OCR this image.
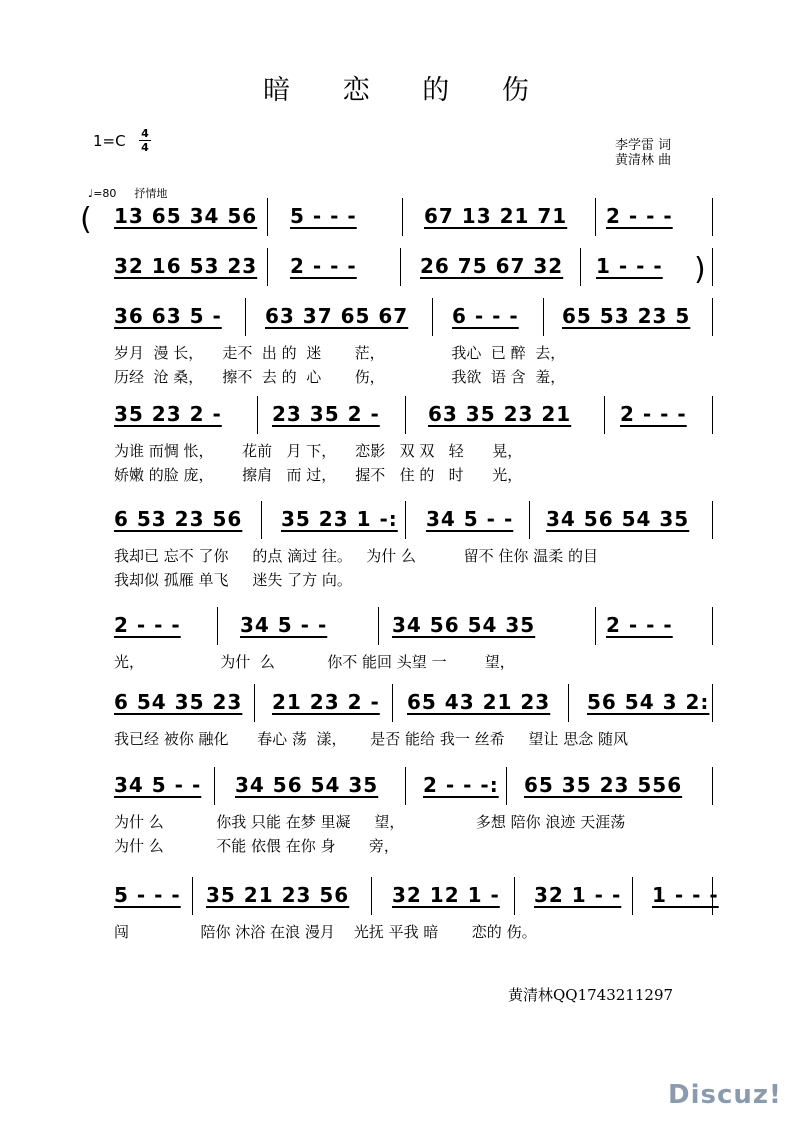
暗 恋 的 伤
1=C 4
4	李学雷 词
黄清林 曲
♩=80 抒情地
(
)
13 65 34 56 5 - - -	67 13 21 71 2 - - -
32 16 53 23 2 - - -	26 75 67 32 1 - - -
36 63 5 - 63 37 65 67 6 - - - 65 53 23 5
岁月  漫 长，    走不  出 的  迷       茫，              我心  已 醉  去，
历经  沧 桑，    擦不  去 的  心       伤，              我欲  语 含  羞，
35 23 2 -	23 35 2 - 63 35 23 21 2 - - -
为谁 而惆 怅，      花前   月 下，    恋影   双 双   轻      晃，
娇嫩 的脸 庞，      擦肩   而 过，    握不   住 的   时      光，
6 53 23 56 35 23 1 -: 34 5 - - 34 56 54 35
我却已 忘不 了你     的点 滴过 往。   为什 么          留不 住你 温柔 的目
我却似 孤雁 单飞     迷失 了方 向。
2 - - -	34 5 - -	34 56 54 35	2 - - -
光，                为什  么           你不 能回 头望 一        望，
6 54 35 23 21 23 2 - 65 43 21 23 56 54 3 2:
我已经 被你 融化      春心 荡  漾，     是否 能给 我一 丝希     望让 思念 随风
34 5 - - 34 56 54 35 2 - - -: 65 35 23 556
为什 么           你我 只能 在梦 里凝     望，               多想 陪你 浪迹 天涯荡
为什 么           不能 依偎 在你 身       旁，
5 - - - 35 21 23 56 32 12 1 - 32 1 - - 1 - - -
闯               陪你 沐浴 在浪 漫月    光抚 平我 暗       恋的 伤。
黄清林QQ1743211297
Discuz!
